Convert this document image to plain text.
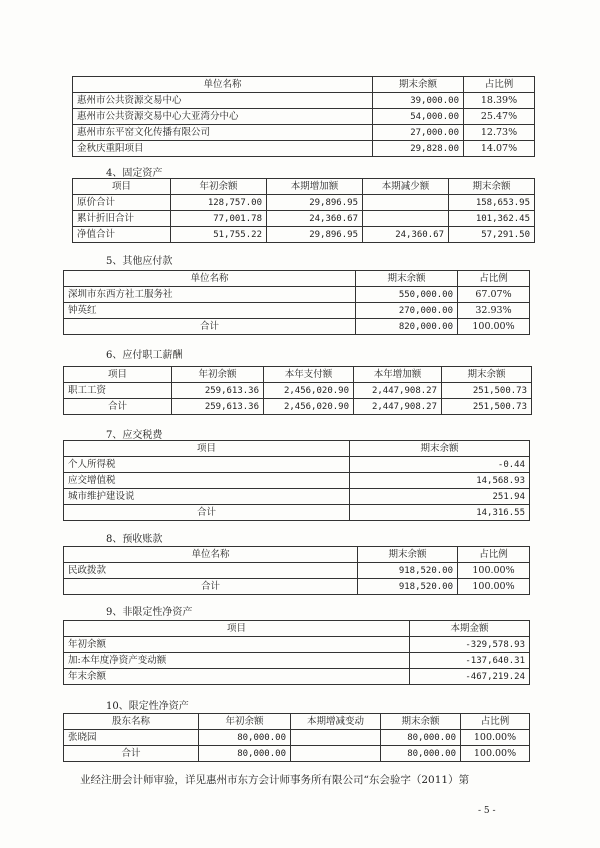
单位名称	期末余额	占比例
惠州市公共资源交易中心	39,000.00	18.39%
惠州市公共资源交易中心大亚湾分中心	54,000.00	25.47%
惠州市东平窑文化传播有限公司	27,000.00	12.73%
金秋庆重阳项目	29,828.00	14.07%
4、固定资产
项目	年初余额	本期增加额	本期减少额	期末余额
原价合计	128,757.00	29,896.95		158,653.95
累计折旧合计	77,001.78	24,360.67		101,362.45
净值合计	51,755.22	29,896.95	24,360.67	57,291.50
5、其他应付款
单位名称	期末余额	占比例
深圳市东西方社工服务社	550,000.00	67.07%
钟英红	270,000.00	32.93%
合计	820,000.00	100.00%
6、应付职工薪酬
项目	年初余额	本年支付额	本年增加额	期末余额
职工工资	259,613.36	2,456,020.90	2,447,908.27	251,500.73
合计	259,613.36	2,456,020.90	2,447,908.27	251,500.73
7、应交税费
项目	期末余额
个人所得税	-0.44
应交增值税	14,568.93
城市维护建设说	251.94
合计	14,316.55
8、预收账款
单位名称	期末余额	占比例
民政拨款	918,520.00	100.00%
合计	918,520.00	100.00%
9、非限定性净资产
项目	本期金额
年初余额	-329,578.93
加:本年度净资产变动额	-137,640.31
年末余额	-467,219.24
10、限定性净资产
股东名称	年初余额	本期增减变动	期末余额	占比例
张晓园	80,000.00		80,000.00	100.00%
合计	80,000.00		80,000.00	100.00%
业经注册会计师审验，详见惠州市东方会计师事务所有限公司“东会验字（2011）第
- 5 -
